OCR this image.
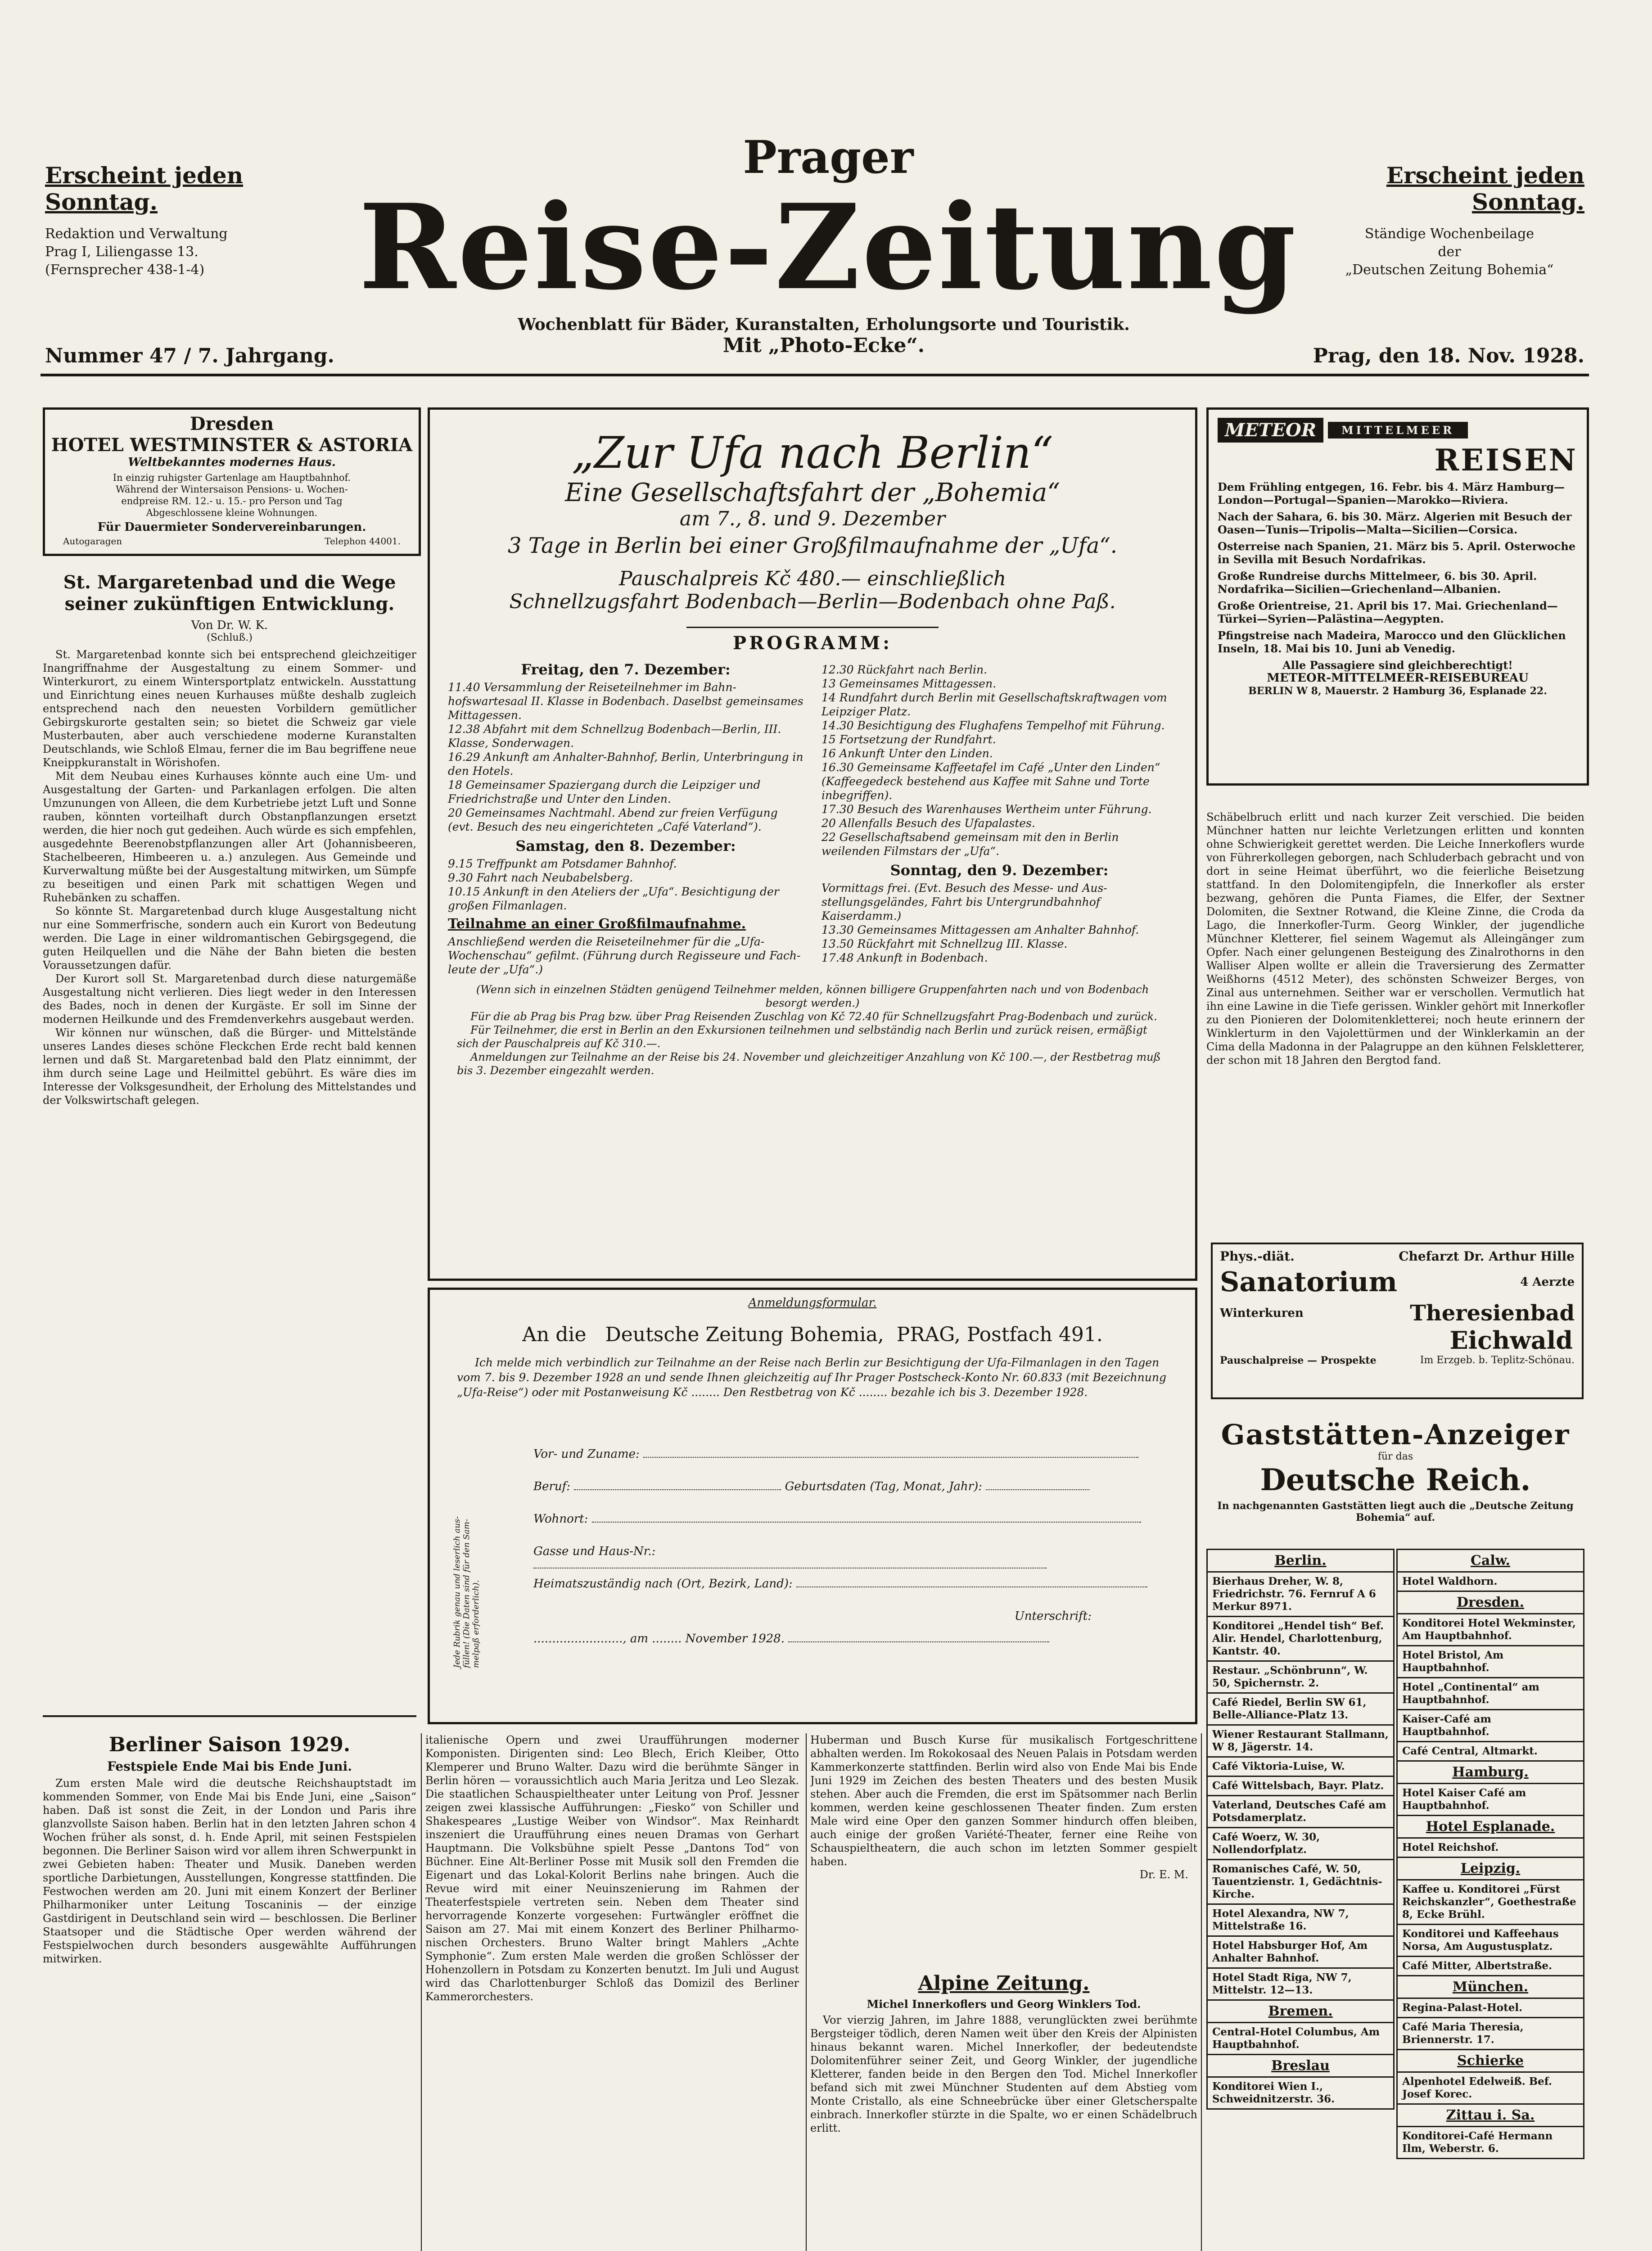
Erscheint jeden Sonntag.
Erscheint jeden Sonntag.
Prager
Reise-Zeitung
Redaktion und Verwaltung
Prag I, Liliengasse 13.
(Fernsprecher 438-1-4)
Ständige Wochenbeilage
der
„Deutschen Zeitung Bohemia“
Wochenblatt für Bäder, Kuranstalten, Erholungsorte und Touristik.
Mit „Photo-Ecke“.
Nummer 47 / 7. Jahrgang.	Prag, den 18. Nov. 1928.
Dresden
HOTEL WESTMINSTER & ASTORIA
Weltbekanntes modernes Haus.
In einzig ruhigster Gartenlage am Hauptbahnhof.
Während der Wintersaison Pensions- u. Wochen-
endpreise RM. 12.- u. 15.- pro Person und Tag
Abgeschlossene kleine Wohnungen.
Für Dauermieter Sondervereinbarungen.
Autogaragen	Telephon 44001.
St. Margaretenbad und die Wege seiner zukünftigen Entwicklung.
Von Dr. W. K.
(Schluß.)

St. Margaretenbad konnte sich bei entsprechend gleichzeitiger Inangriffnahme der Ausgestaltung zu einem Sommer- und Winterkurort, zu einem Wintersportplatz entwickeln. Ausstattung und Einrichtung eines neuen Kurhauses müßte deshalb zugleich entsprechend nach den neuesten Vorbildern gemütlicher Gebirgskurorte gestalten sein; so bietet die Schweiz gar viele Musterbauten, aber auch verschiedene moderne Kuranstalten Deutschlands, wie Schloß Elmau, ferner die im Bau begriffene neue Kneippkuranstalt in Wörishofen.

Mit dem Neubau eines Kurhauses könnte auch eine Um- und Ausgestaltung der Garten- und Parkanlagen erfolgen. Die alten Umzunungen von Alleen, die dem Kurbetriebe jetzt Luft und Sonne rauben, könnten vorteilhaft durch Obstanpflanzungen ersetzt werden, die hier noch gut gedeihen. Auch würde es sich empfehlen, ausgedehnte Beerenobstpflanzungen aller Art (Johannisbeeren, Stachelbeeren, Himbeeren u. a.) anzulegen. Aus Gemeinde und Kurverwaltung müßte bei der Ausgestaltung mitwirken, um Sümpfe zu beseitigen und einen Park mit schattigen Wegen und Ruhebänken zu schaffen.

So könnte St. Margaretenbad durch kluge Ausgestaltung nicht nur eine Sommerfrische, sondern auch ein Kurort von Bedeutung werden. Die Lage in einer wildromantischen Gebirgsgegend, die guten Heilquellen und die Nähe der Bahn bieten die besten Voraussetzungen dafür.

Der Kurort soll St. Margaretenbad durch diese naturgemäße Ausgestaltung nicht verlieren. Dies liegt weder in den Interessen des Bades, noch in denen der Kurgäste. Er soll im Sinne der modernen Heilkunde und des Fremdenverkehrs ausgebaut werden.

Wir können nur wünschen, daß die Bürger- und Mittelstände unseres Landes dieses schöne Fleckchen Erde recht bald kennen lernen und daß St. Margaretenbad bald den Platz einnimmt, der ihm durch seine Lage und Heilmittel gebührt. Es wäre dies im Interesse der Volksgesundheit, der Erholung des Mittelstandes und der Volkswirtschaft gelegen.

Berliner Saison 1929.
Festspiele Ende Mai bis Ende Juni.

Zum ersten Male wird die deutsche Reichshauptstadt im kommenden Sommer, von Ende Mai bis Ende Juni, eine „Saison“ haben. Daß ist sonst die Zeit, in der London und Paris ihre glanzvollste Saison haben. Berlin hat in den letzten Jahren schon 4 Wochen früher als sonst, d. h. Ende April, mit seinen Festspielen begonnen. Die Berliner Saison wird vor allem ihren Schwerpunkt in zwei Gebieten haben: Theater und Musik. Daneben werden sportliche Darbietungen, Ausstellungen, Kongresse stattfinden. Die Festwochen werden am 20. Juni mit einem Konzert der Berliner Philharmoniker unter Leitung Toscaninis — der einzige Gastdirigent in Deutschland sein wird — beschlossen. Die Berliner Staatsoper und die Städtische Oper werden während der Festspielwochen durch besonders ausgewählte Aufführungen mitwirken.

„Zur Ufa nach Berlin“
Eine Gesellschaftsfahrt der „Bohemia“
am 7., 8. und 9. Dezember
3 Tage in Berlin bei einer Großfilmaufnahme der „Ufa“.
Pauschalpreis Kč 480.— einschließlich
Schnellzugsfahrt Bodenbach—Berlin—Bodenbach ohne Paß.
PROGRAMM:
Freitag, den 7. Dezember:
11.40 Versammlung der Reiseteilnehmer im Bahnhofswartesaal II. Klasse in Bodenbach. Daselbst gemeinsames Mittagessen.
12.38 Abfahrt mit dem Schnellzug Bodenbach—Berlin, III. Klasse, Sonderwagen.
16.29 Ankunft am Anhalter-Bahnhof, Berlin, Unterbringung in den Hotels.
18 Gemeinsamer Spaziergang durch die Leipziger und Friedrichstraße und Unter den Linden.
20 Gemeinsames Nachtmahl. Abend zur freien Verfügung (evt. Besuch des neu eingerichteten „Café Vaterland“).
Samstag, den 8. Dezember:
9.15 Treffpunkt am Potsdamer Bahnhof.
9.30 Fahrt nach Neubabelsberg.
10.15 Ankunft in den Ateliers der „Ufa“. Besichtigung der großen Filmanlagen.
Teilnahme an einer Großfilmaufnahme.
Anschließend werden die Reiseteilnehmer für die „Ufa-Wochenschau“ gefilmt. (Führung durch Regisseure und Fachleute der „Ufa“.)
12.30 Rückfahrt nach Berlin.
13 Gemeinsames Mittagessen.
14 Rundfahrt durch Berlin mit Gesellschaftskraftwagen vom Leipziger Platz.
14.30 Besichtigung des Flughafens Tempelhof mit Führung.
15 Fortsetzung der Rundfahrt.
16 Ankunft Unter den Linden.
16.30 Gemeinsame Kaffeetafel im Café „Unter den Linden“ (Kaffeegedeck bestehend aus Kaffee mit Sahne und Torte inbegriffen).
17.30 Besuch des Warenhauses Wertheim unter Führung.
20 Allenfalls Besuch des Ufapalastes.
22 Gesellschaftsabend gemeinsam mit den in Berlin weilenden Filmstars der „Ufa“.
Sonntag, den 9. Dezember:
Vormittags frei. (Evt. Besuch des Messe- und Ausstellungsgeländes, Fahrt bis Untergrundbahnhof Kaiserdamm.)
13.30 Gemeinsames Mittagessen am Anhalter Bahnhof.
13.50 Rückfahrt mit Schnellzug III. Klasse.
17.48 Ankunft in Bodenbach.
(Wenn sich in einzelnen Städten genügend Teilnehmer melden, können billigere Gruppenfahrten nach und von Bodenbach besorgt werden.)
Für die ab Prag bis Prag bzw. über Prag Reisenden Zuschlag von Kč 72.40 für Schnellzugsfahrt Prag-Bodenbach und zurück.
Für Teilnehmer, die erst in Berlin an den Exkursionen teilnehmen und selbständig nach Berlin und zurück reisen, ermäßigt sich der Pauschalpreis auf Kč 310.—.
Anmeldungen zur Teilnahme an der Reise bis 24. November und gleichzeitiger Anzahlung von Kč 100.—, der Restbetrag muß bis 3. Dezember eingezahlt werden.
Anmeldungsformular.
An die   Deutsche Zeitung Bohemia,  PRAG, Postfach 491.
Ich melde mich verbindlich zur Teilnahme an der Reise nach Berlin zur Besichtigung der Ufa-Filmanlagen in den Tagen vom 7. bis 9. Dezember 1928 an und sende Ihnen gleichzeitig auf Ihr Prager Postscheck-Konto Nr. 60.833 (mit Bezeichnung „Ufa-Reise“) oder mit Postanweisung Kč ........ Den Restbetrag von Kč ........ bezahle ich bis 3. Dezember 1928.
Jede Rubrik genau und leserlich ausfüllen! (Die Daten sind für den Sammelpaß erforderlich).
Vor- und Zuname:
Beruf:	Geburtsdaten (Tag, Monat, Jahr):
Wohnort:
Gasse und Haus-Nr.:
Heimatszuständig nach (Ort, Bezirk, Land):
Unterschrift:
........................, am ........ November 1928.
METEOR	MITTELMEER
REISEN
Dem Frühling entgegen, 16. Febr. bis 4. März Hamburg—London—Portugal—Spanien—Marokko—Riviera.
Nach der Sahara, 6. bis 30. März. Algerien mit Besuch der Oasen—Tunis—Tripolis—Malta—Sicilien—Corsica.
Osterreise nach Spanien, 21. März bis 5. April. Osterwoche in Sevilla mit Besuch Nordafrikas.
Große Rundreise durchs Mittelmeer, 6. bis 30. April. Nordafrika—Sicilien—Griechenland—Albanien.
Große Orientreise, 21. April bis 17. Mai. Griechenland—Türkei—Syrien—Palästina—Aegypten.
Pfingstreise nach Madeira, Marocco und den Glücklichen Inseln, 18. Mai bis 10. Juni ab Venedig.
Alle Passagiere sind gleichberechtigt!
METEOR-MITTELMEER-REISEBUREAU
BERLIN W 8, Mauerstr. 2 Hamburg 36, Esplanade 22.

Schäbelbruch erlitt und nach kurzer Zeit verschied. Die beiden Münchner hatten nur leichte Verletzungen erlitten und konnten ohne Schwierigkeit gerettet werden. Die Leiche Innerkoflers wurde von Führerkollegen geborgen, nach Schluderbach gebracht und von dort in seine Heimat überführt, wo die feierliche Beisetzung stattfand. In den Dolomitengipfeln, die Innerkofler als erster bezwang, gehören die Punta Fiames, die Elfer, der Sextner Dolomiten, die Sextner Rotwand, die Kleine Zinne, die Croda da Lago, die Innerkofler-Turm. Georg Winkler, der jugendliche Münchner Kletterer, fiel seinem Wagemut als Alleingänger zum Opfer. Nach einer gelungenen Besteigung des Zinalrothorns in den Walliser Alpen wollte er allein die Traversierung des Zermatter Weißhorns (4512 Meter), des schönsten Schweizer Berges, von Zinal aus unternehmen. Seither war er verschollen. Vermutlich hat ihn eine Lawine in die Tiefe gerissen. Winkler gehört mit Innerkofler zu den Pionieren der Dolomitenkletterei; noch heute erinnern der Winklerturm in den Vajolettürmen und der Winklerkamin an der Cima della Madonna in der Palagruppe an den kühnen Felskletterer, der schon mit 18 Jahren den Bergtod fand.

Phys.-diät.	Chefarzt Dr. Arthur Hille
Sanatorium	4 Aerzte
Winterkuren	Theresienbad
Eichwald
Pauschalpreise — Prospekte	Im Erzgeb. b. Teplitz-Schönau.
Gaststätten-Anzeiger
für das
Deutsche Reich.
In nachgenannten Gaststätten liegt auch die „Deutsche Zeitung Bohemia“ auf.
Berlin.
Bierhaus Dreher, W. 8, Friedrichstr. 76. Fernruf A 6 Merkur 8971.
Konditorei „Hendel tish“ Bef. Alir. Hendel, Charlottenburg, Kantstr. 40.
Restaur. „Schönbrunn“, W. 50, Spichernstr. 2.
Café Riedel, Berlin SW 61, Belle-Alliance-Platz 13.
Wiener Restaurant Stallmann, W 8, Jägerstr. 14.
Café Viktoria-Luise, W.
Café Wittelsbach, Bayr. Platz.
Vaterland, Deutsches Café am Potsdamerplatz.
Café Woerz, W. 30, Nollendorfplatz.
Romanisches Café, W. 50, Tauentzienstr. 1, Gedächtnis-Kirche.
Hotel Alexandra, NW 7, Mittelstraße 16.
Hotel Habsburger Hof, Am Anhalter Bahnhof.
Hotel Stadt Riga, NW 7, Mittelstr. 12—13.
Bremen.
Central-Hotel Columbus, Am Hauptbahnhof.
Breslau
Konditorei Wien I., Schweidnitzerstr. 36.
Calw.
Hotel Waldhorn.
Dresden.
Konditorei Hotel Wekminster, Am Hauptbahnhof.
Hotel Bristol, Am Hauptbahnhof.
Hotel „Continental“ am Hauptbahnhof.
Kaiser-Café am Hauptbahnhof.
Café Central, Altmarkt.
Hamburg.
Hotel Kaiser Café am Hauptbahnhof.
Hotel Esplanade.
Hotel Reichshof.
Leipzig.
Kaffee u. Konditorei „Fürst Reichskanzler“, Goethestraße 8, Ecke Brühl.
Konditorei und Kaffeehaus Norsa, Am Augustusplatz.
Café Mitter, Albertstraße.
München.
Regina-Palast-Hotel.
Café Maria Theresia, Briennerstr. 17.
Schierke
Alpenhotel Edelweiß. Bef. Josef Korec.
Zittau i. Sa.
Konditorei-Café Hermann Ilm, Weberstr. 6.

italienische Opern und zwei Uraufführungen moderner Komponisten. Dirigenten sind: Leo Blech, Erich Kleiber, Otto Klemperer und Bruno Walter. Dazu wird die berühmte Sänger in Berlin hören — voraussichtlich auch Maria Jeritza und Leo Slezak. Die staatlichen Schauspieltheater unter Leitung von Prof. Jessner zeigen zwei klassische Aufführungen: „Fiesko“ von Schiller und Shakespeares „Lustige Weiber von Windsor“. Max Reinhardt inszeniert die Uraufführung eines neuen Dramas von Gerhart Hauptmann. Die Volksbühne spielt Pesse „Dantons Tod“ von Büchner. Eine Alt-Berliner Posse mit Musik soll den Fremden die Eigenart und das Lokal-Kolorit Berlins nahe bringen. Auch die Revue wird mit einer Neuinszenierung im Rahmen der Theaterfestspiele vertreten sein. Neben dem Theater sind hervorragende Konzerte vorgesehen: Furtwängler eröffnet die Saison am 27. Mai mit einem Konzert des Berliner Philharmonischen Orchesters. Bruno Walter bringt Mahlers „Achte Symphonie“. Zum ersten Male werden die großen Schlösser der Hohenzollern in Potsdam zu Konzerten benutzt. Im Juli und August wird das Charlottenburger Schloß das Domizil des Berliner Kammerorchesters.

Huberman und Busch Kurse für musikalisch Fortgeschrittene abhalten werden. Im Rokokosaal des Neuen Palais in Potsdam werden Kammerkonzerte stattfinden. Berlin wird also von Ende Mai bis Ende Juni 1929 im Zeichen des besten Theaters und des besten Musik stehen. Aber auch die Fremden, die erst im Spätsommer nach Berlin kommen, werden keine geschlossenen Theater finden. Zum ersten Male wird eine Oper den ganzen Sommer hindurch offen bleiben, auch einige der großen Variété-Theater, ferner eine Reihe von Schauspieltheatern, die auch schon im letzten Sommer gespielt haben.

Dr. E. M.
Alpine Zeitung.
Michel Innerkoflers und Georg Winklers Tod.

Vor vierzig Jahren, im Jahre 1888, verunglückten zwei berühmte Bergsteiger tödlich, deren Namen weit über den Kreis der Alpinisten hinaus bekannt waren. Michel Innerkofler, der bedeutendste Dolomitenführer seiner Zeit, und Georg Winkler, der jugendliche Kletterer, fanden beide in den Bergen den Tod. Michel Innerkofler befand sich mit zwei Münchner Studenten auf dem Abstieg vom Monte Cristallo, als eine Schneebrücke über einer Gletscherspalte einbrach. Innerkofler stürzte in die Spalte, wo er einen Schädelbruch erlitt.
